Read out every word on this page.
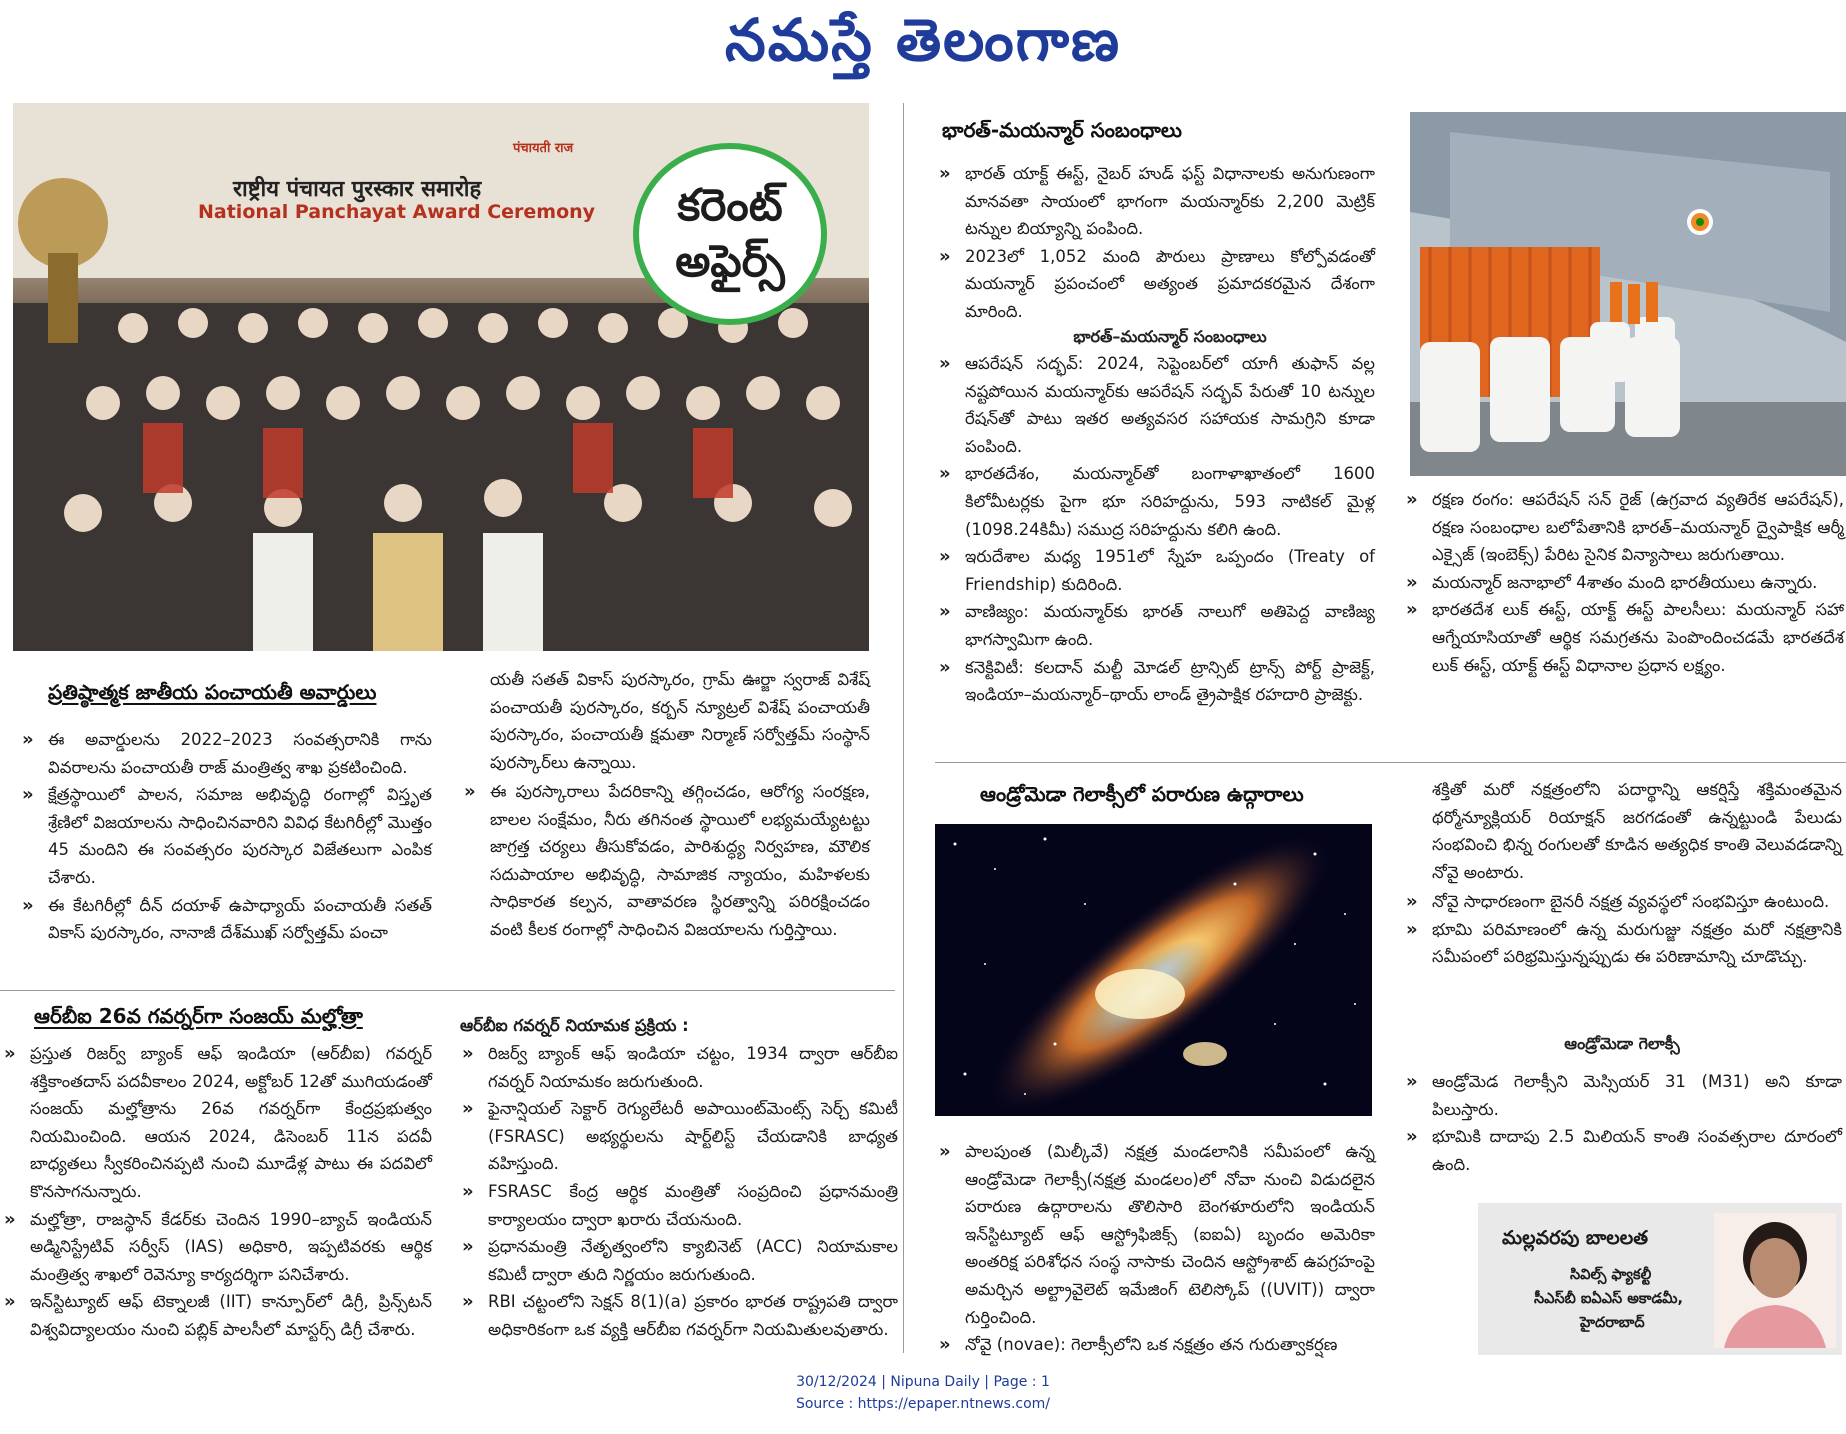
నమస్తే తెలంగాణ
राष्ट्रीय पंचायत पुरस्कार समारोह
National Panchayat Award Ceremony
पंचायती राज
కరెంట్
అఫైర్స్
ప్రతిష్ఠాత్మక జాతీయ పంచాయతీ అవార్డులు
» ఈ అవార్డులను 2022–2023 సంవత్సరానికి గాను వివరాలను పంచాయతీ రాజ్ మంత్రిత్వ శాఖ ప్రకటించింది.
» క్షేత్రస్థాయిలో పాలన, సమాజ అభివృద్ధి రంగాల్లో విస్తృత శ్రేణిలో విజయాలను సాధించినవారిని వివిధ కేటగిరీల్లో మొత్తం 45 మందిని ఈ సంవత్సరం పురస్కార విజేతలుగా ఎంపిక చేశారు.
» ఈ కేటగిరీల్లో దీన్ దయాళ్ ఉపాధ్యాయ్ పంచాయతీ సతత్ వికాస్ పురస్కారం, నానాజీ దేశ్‌ముఖ్ సర్వోత్తమ్ పంచా

యతీ సతత్ వికాస్ పురస్కారం, గ్రామ్ ఊర్జా స్వరాజ్ విశేష్ పంచాయతీ పురస్కారం, కర్బన్ న్యూట్రల్ విశేష్ పంచాయతీ పురస్కారం, పంచాయతీ క్షమతా నిర్మాణ్ సర్వోత్తమ్ సంస్థాన్ పురస్కార్‌లు ఉన్నాయి.

» ఈ పురస్కారాలు పేదరికాన్ని తగ్గించడం, ఆరోగ్య సంరక్షణ, బాలల సంక్షేమం, నీరు తగినంత స్థాయిలో లభ్యమయ్యేటట్టు జాగ్రత్త చర్యలు తీసుకోవడం, పారిశుద్ధ్య నిర్వహణ, మౌలిక సదుపాయాల అభివృద్ధి, సామాజిక న్యాయం, మహిళలకు సాధికారత కల్పన, వాతావరణ స్థిరత్వాన్ని పరిరక్షించడం వంటి కీలక రంగాల్లో సాధించిన విజయాలను గుర్తిస్తాయి.
ఆర్‌బీఐ 26వ గవర్నర్‌గా సంజయ్ మల్హోత్రా
» ప్రస్తుత రిజర్వ్ బ్యాంక్ ఆఫ్ ఇండియా (ఆర్‌బీఐ) గవర్నర్ శక్తికాంతదాస్ పదవీకాలం 2024, అక్టోబర్ 12తో ముగియడంతో సంజయ్ మల్హోత్రాను 26వ గవర్నర్‌గా కేంద్రప్రభుత్వం నియమించింది. ఆయన 2024, డిసెంబర్ 11న పదవీ బాధ్యతలు స్వీకరించినప్పటి నుంచి మూడేళ్ల పాటు ఈ పదవిలో కొనసాగనున్నారు.
» మల్హోత్రా, రాజస్థాన్ కేడర్‌కు చెందిన 1990–బ్యాచ్ ఇండియన్ అడ్మినిస్ట్రేటివ్ సర్వీస్ (IAS) అధికారి, ఇప్పటివరకు ఆర్థిక మంత్రిత్వ శాఖలో రెవెన్యూ కార్యదర్శిగా పనిచేశారు.
» ఇన్‌స్టిట్యూట్ ఆఫ్ టెక్నాలజీ (IIT) కాన్పూర్‌లో డిగ్రీ, ప్రిన్స్‌టన్ విశ్వవిద్యాలయం నుంచి పబ్లిక్ పాలసీలో మాస్టర్స్ డిగ్రీ చేశారు.
ఆర్‌బీఐ గవర్నర్ నియామక ప్రక్రియ :
» రిజర్వ్ బ్యాంక్ ఆఫ్ ఇండియా చట్టం, 1934 ద్వారా ఆర్‌బీఐ గవర్నర్ నియామకం జరుగుతుంది.
» ఫైనాన్షియల్ సెక్టార్ రెగ్యులేటరీ అపాయింట్‌మెంట్స్ సెర్చ్ కమిటీ (FSRASC) అభ్యర్థులను షార్ట్‌లిస్ట్ చేయడానికి బాధ్యత వహిస్తుంది.
» FSRASC కేంద్ర ఆర్థిక మంత్రితో సంప్రదించి ప్రధానమంత్రి కార్యాలయం ద్వారా ఖరారు చేయనుంది.
» ప్రధానమంత్రి నేతృత్వంలోని క్యాబినెట్ (ACC) నియామకాల కమిటీ ద్వారా తుది నిర్ణయం జరుగుతుంది.
» RBI చట్టంలోని సెక్షన్ 8(1)(a) ప్రకారం భారత రాష్ట్రపతి ద్వారా అధికారికంగా ఒక వ్యక్తి ఆర్‌బీఐ గవర్నర్‌గా నియమితులవుతారు.
భారత్-మయన్మార్ సంబంధాలు
» భారత్ యాక్ట్ ఈస్ట్, నైబర్ హుడ్ ఫస్ట్ విధానాలకు అనుగుణంగా మానవతా సాయంలో భాగంగా మయన్మార్‌కు 2,200 మెట్రిక్ టన్నుల బియ్యాన్ని పంపింది.
» 2023లో 1,052 మంది పౌరులు ప్రాణాలు కోల్పోవడంతో మయన్మార్ ప్రపంచంలో అత్యంత ప్రమాదకరమైన దేశంగా మారింది.
భారత్–మయన్మార్ సంబంధాలు
» ఆపరేషన్ సద్భవ్: 2024, సెప్టెంబర్‌లో యాగీ తుఫాన్ వల్ల నష్టపోయిన మయన్మార్‌కు ఆపరేషన్ సద్భవ్ పేరుతో 10 టన్నుల రేషన్‌తో పాటు ఇతర అత్యవసర సహాయక సామగ్రిని కూడా పంపింది.
» భారతదేశం, మయన్మార్‌తో బంగాళాఖాతంలో 1600 కిలోమీటర్లకు పైగా భూ సరిహద్దును, 593 నాటికల్ మైళ్ల (1098.24కిమీ) సముద్ర సరిహద్దును కలిగి ఉంది.
» ఇరుదేశాల మధ్య 1951లో స్నేహ ఒప్పందం (Treaty of Friendship) కుదిరింది.
» వాణిజ్యం: మయన్మార్‌కు భారత్ నాలుగో అతిపెద్ద వాణిజ్య భాగస్వామిగా ఉంది.
» కనెక్టివిటీ: కలదాన్ మల్టీ మోడల్ ట్రాన్సిట్ ట్రాన్స్ పోర్ట్ ప్రాజెక్ట్, ఇండియా–మయన్మార్–థాయ్ లాండ్ త్రైపాక్షిక రహదారి ప్రాజెక్టు.
» రక్షణ రంగం: ఆపరేషన్ సన్ రైజ్ (ఉగ్రవాద వ్యతిరేక ఆపరేషన్), రక్షణ సంబంధాల బలోపేతానికి భారత్–మయన్మార్ ద్వైపాక్షిక ఆర్మీ ఎక్సైజ్ (ఇంబెక్స్) పేరిట సైనిక విన్యాసాలు జరుగుతాయి.
» మయన్మార్ జనాభాలో 4శాతం మంది భారతీయులు ఉన్నారు.
» భారతదేశ లుక్ ఈస్ట్, యాక్ట్ ఈస్ట్ పాలసీలు: మయన్మార్ సహా ఆగ్నేయాసియాతో ఆర్థిక సమగ్రతను పెంపొందించడమే భారతదేశ లుక్ ఈస్ట్, యాక్ట్ ఈస్ట్ విధానాల ప్రధాన లక్ష్యం.
ఆండ్రోమెడా గెలాక్సీలో పరారుణ ఉద్గారాలు
» పాలపుంత (మిల్కీవే) నక్షత్ర మండలానికి సమీపంలో ఉన్న ఆండ్రోమెడా గెలాక్సీ(నక్షత్ర మండలం)లో నోవా నుంచి విడుదలైన పరారుణ ఉద్గారాలను తొలిసారి బెంగళూరులోని ఇండియన్ ఇన్‌స్టిట్యూట్ ఆఫ్ ఆస్ట్రోఫిజిక్స్ (ఐఐఏ) బృందం అమెరికా అంతరిక్ష పరిశోధన సంస్థ నాసాకు చెందిన ఆస్ట్రోశాట్ ఉపగ్రహంపై అమర్చిన అల్ట్రావైలెట్ ఇమేజింగ్ టెలిస్కోప్ ((UVIT)) ద్వారా గుర్తించింది.
» నోవై (novae): గెలాక్సీలోని ఒక నక్షత్రం తన గురుత్వాకర్షణ

శక్తితో మరో నక్షత్రంలోని పదార్థాన్ని ఆకర్షిస్తే శక్తిమంతమైన థర్మోన్యూక్లియర్ రియాక్షన్ జరగడంతో ఉన్నట్టుండి పేలుడు సంభవించి భిన్న రంగులతో కూడిన అత్యధిక కాంతి వెలువడడాన్ని నోవై అంటారు.

» నోవై సాధారణంగా బైనరీ నక్షత్ర వ్యవస్థలో సంభవిస్తూ ఉంటుంది.
» భూమి పరిమాణంలో ఉన్న మరుగుజ్జు నక్షత్రం మరో నక్షత్రానికి సమీపంలో పరిభ్రమిస్తున్నప్పుడు ఈ పరిణామాన్ని చూడొచ్చు.
ఆండ్రోమెడా గెలాక్సీ
» ఆండ్రోమెడ గెలాక్సీని మెస్సియర్ 31 (M31) అని కూడా పిలుస్తారు.
» భూమికి దాదాపు 2.5 మిలియన్ కాంతి సంవత్సరాల దూరంలో ఉంది.
మల్లవరపు బాలలత
సివిల్స్ ఫ్యాకల్టీ
సీఎస్‌బీ ఐఏఎస్ అకాడమీ,
హైదరాబాద్
30/12/2024 | Nipuna Daily | Page : 1
Source : https://epaper.ntnews.com/
